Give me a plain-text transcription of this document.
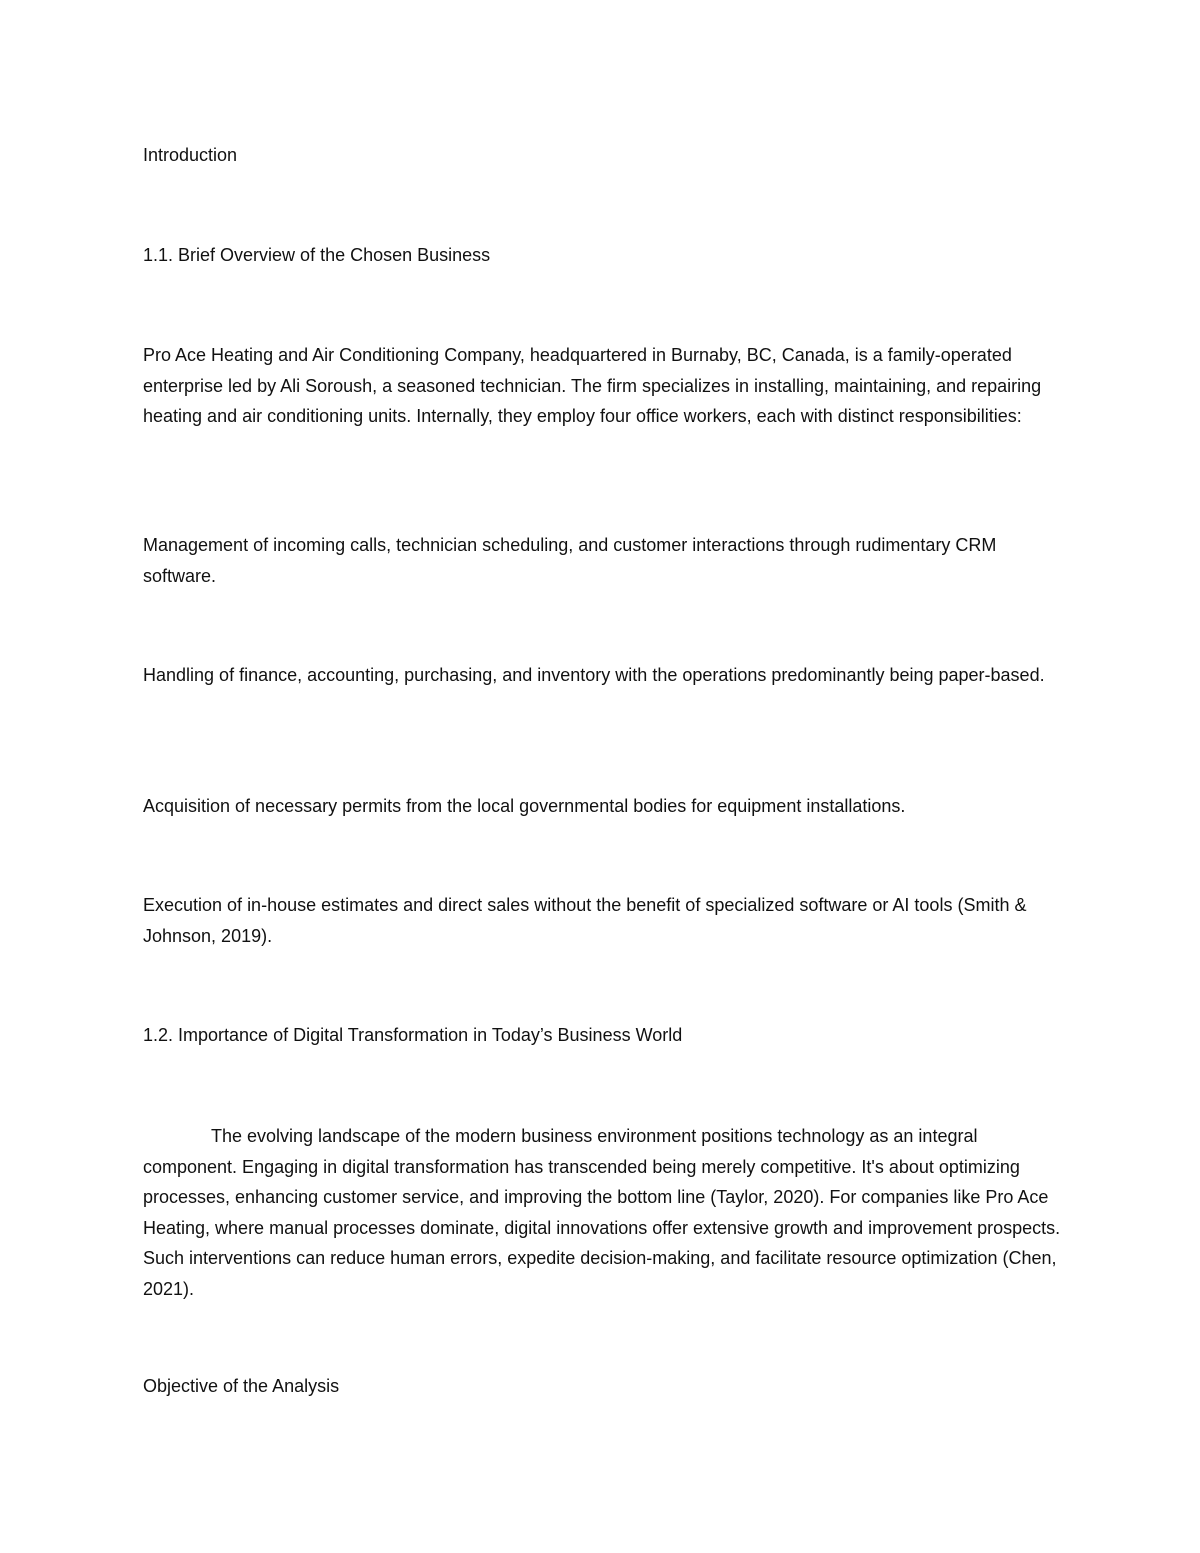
Introduction

1.1. Brief Overview of the Chosen Business

Pro Ace Heating and Air Conditioning Company, headquartered in Burnaby, BC, Canada, is a family-operated enterprise led by Ali Soroush, a seasoned technician. The firm specializes in installing, maintaining, and repairing heating and air conditioning units. Internally, they employ four office workers, each with distinct responsibilities:

Management of incoming calls, technician scheduling, and customer interactions through rudimentary CRM software.

Handling of finance, accounting, purchasing, and inventory with the operations predominantly being paper-based.

Acquisition of necessary permits from the local governmental bodies for equipment installations.

Execution of in-house estimates and direct sales without the benefit of specialized software or AI tools (Smith & Johnson, 2019).

1.2. Importance of Digital Transformation in Today’s Business World

The evolving landscape of the modern business environment positions technology as an integral component. Engaging in digital transformation has transcended being merely competitive. It's about optimizing processes, enhancing customer service, and improving the bottom line (Taylor, 2020). For companies like Pro Ace Heating, where manual processes dominate, digital innovations offer extensive growth and improvement prospects. Such interventions can reduce human errors, expedite decision-making, and facilitate resource optimization (Chen, 2021).

Objective of the Analysis
